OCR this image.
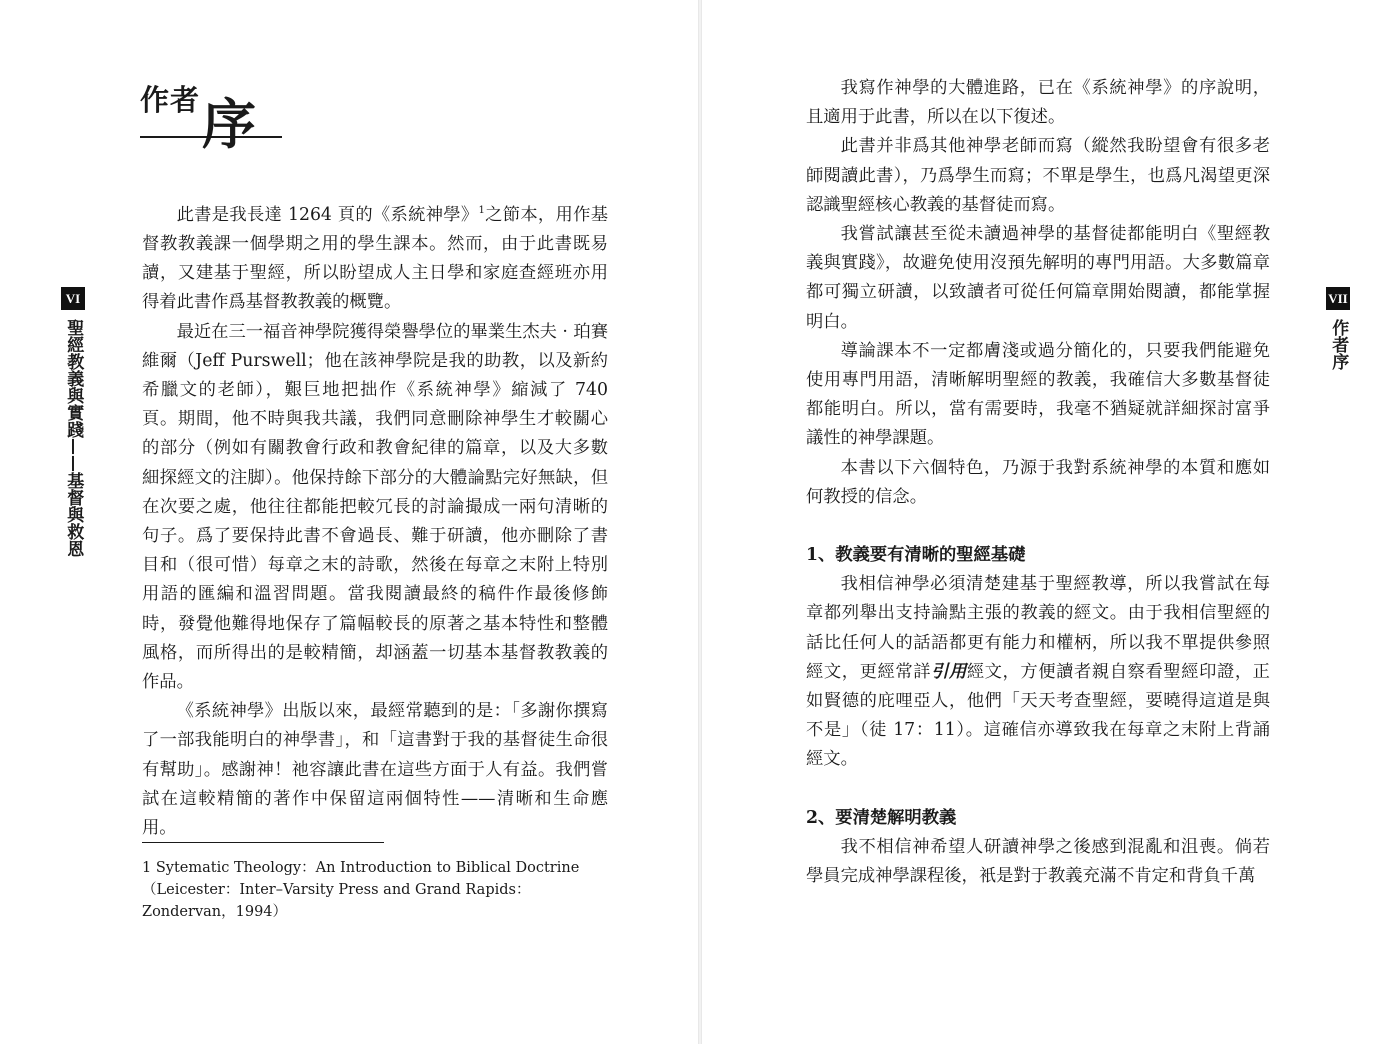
作者 序
VI
聖經教義與實踐——基督與救恩

此書是我長達 1264 頁的《系統神學》$^1$之節本，用作基督教教義課一個學期之用的學生課本。然而，由于此書既易讀，又建基于聖經，所以盼望成人主日學和家庭查經班亦用得着此書作爲基督教教義的概覽。

最近在三一福音神學院獲得榮譽學位的畢業生杰夫 · 珀賽維爾（Jeff Purswell；他在該神學院是我的助教，以及新約希臘文的老師），艱巨地把拙作《系統神學》縮減了 740 頁。期間，他不時與我共議，我們同意刪除神學生才較關心的部分（例如有關教會行政和教會紀律的篇章，以及大多數細探經文的注脚）。他保持餘下部分的大體論點完好無缺，但在次要之處，他往往都能把較冗長的討論撮成一兩句清晰的句子。爲了要保持此書不會過長、難于研讀，他亦刪除了書目和（很可惜）每章之末的詩歌，然後在每章之末附上特別用語的匯編和溫習問題。當我閱讀最終的稿件作最後修飾時，發覺他難得地保存了篇幅較長的原著之基本特性和整體風格，而所得出的是較精簡，却涵蓋一切基本基督教教義的作品。

《系統神學》出版以來，最經常聽到的是：「多謝你撰寫了一部我能明白的神學書」，和「這書對于我的基督徒生命很有幫助」。感謝神！祂容讓此書在這些方面于人有益。我們嘗試在這較精簡的著作中保留這兩個特性——清晰和生命應用。

1 Sytematic Theology：An Introduction to Biblical Doctrine（Leicester：Inter–Varsity Press and Grand Rapids：Zondervan，1994）
VII
作者序

我寫作神學的大體進路，已在《系統神學》的序說明，且適用于此書，所以在以下復述。

此書并非爲其他神學老師而寫（縱然我盼望會有很多老師閱讀此書），乃爲學生而寫；不單是學生，也爲凡渴望更深認識聖經核心教義的基督徒而寫。

我嘗試讓甚至從未讀過神學的基督徒都能明白《聖經教義與實踐》，故避免使用沒預先解明的專門用語。大多數篇章都可獨立研讀，以致讀者可從任何篇章開始閱讀，都能掌握明白。

導論課本不一定都膚淺或過分簡化的，只要我們能避免使用專門用語，清晰解明聖經的教義，我確信大多數基督徒都能明白。所以，當有需要時，我毫不猶疑就詳細探討富爭議性的神學課題。

本書以下六個特色，乃源于我對系統神學的本質和應如何教授的信念。

1、教義要有清晰的聖經基礎

我相信神學必須清楚建基于聖經教導，所以我嘗試在每章都列舉出支持論點主張的教義的經文。由于我相信聖經的話比任何人的話語都更有能力和權柄，所以我不單提供參照經文，更經常詳引用經文，方便讀者親自察看聖經印證，正如賢德的庇哩亞人，他們「天天考查聖經，要曉得這道是與不是」（徒 17：11）。這確信亦導致我在每章之末附上背誦經文。

2、要清楚解明教義

我不相信神希望人研讀神學之後感到混亂和沮喪。倘若學員完成神學課程後，衹是對于教義充滿不肯定和背負千萬
